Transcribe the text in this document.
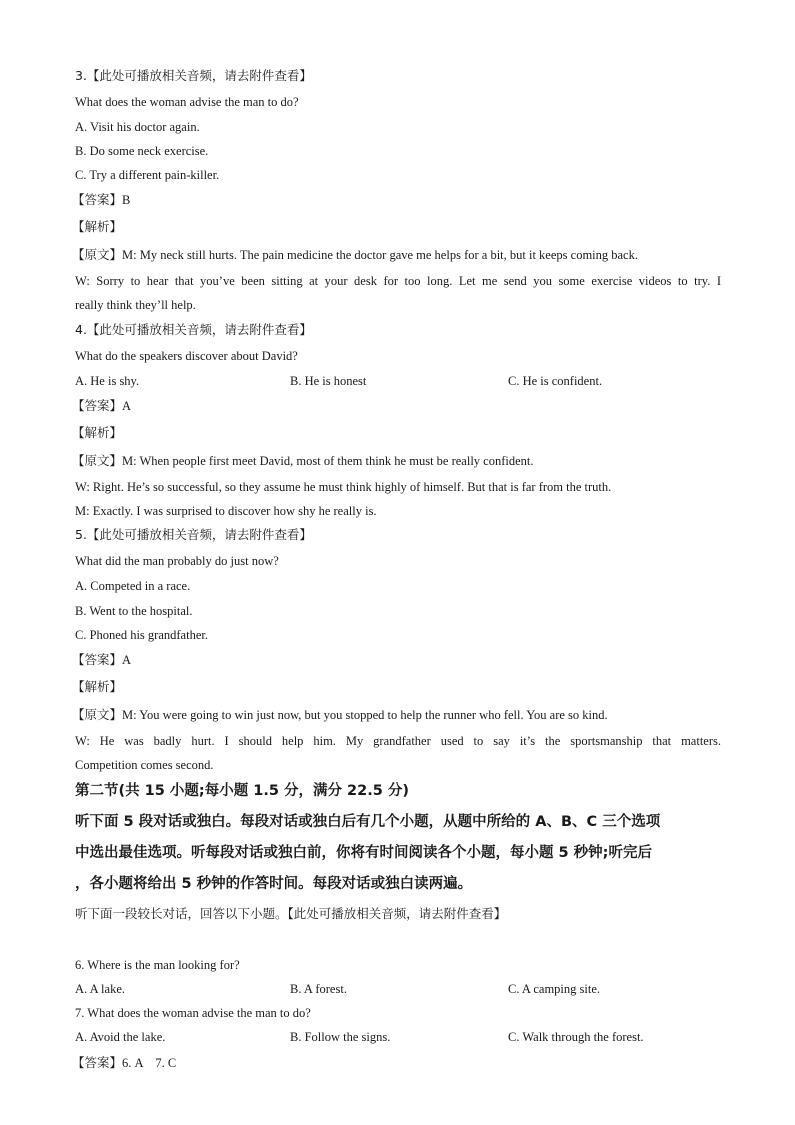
3.【此处可播放相关音频，请去附件查看】
What does the woman advise the man to do?
A. Visit his doctor again.
B. Do some neck exercise.
C. Try a different pain-killer.
【答案】B
【解析】
【原文】M: My neck still hurts. The pain medicine the doctor gave me helps for a bit, but it keeps coming back.
W: Sorry to hear that you’ve been sitting at your desk for too long. Let me send you some exercise videos to try. I
really think they’ll help.
4.【此处可播放相关音频，请去附件查看】
What do the speakers discover about David?
A. He is shy.	B. He is honest	C. He is confident.
【答案】A
【解析】
【原文】M: When people first meet David, most of them think he must be really confident.
W: Right. He’s so successful, so they assume he must think highly of himself. But that is far from the truth.
M: Exactly. I was surprised to discover how shy he really is.
5.【此处可播放相关音频，请去附件查看】
What did the man probably do just now?
A. Competed in a race.
B. Went to the hospital.
C. Phoned his grandfather.
【答案】A
【解析】
【原文】M: You were going to win just now, but you stopped to help the runner who fell. You are so kind.
W: He was badly hurt. I should help him. My grandfather used to say it’s the sportsmanship that matters.
Competition comes second.
第二节(共 15 小题;每小题 1.5 分，满分 22.5 分)
听下面 5 段对话或独白。每段对话或独白后有几个小题，从题中所给的 A、B、C 三个选项
中选出最佳选项。听每段对话或独白前，你将有时间阅读各个小题，每小题 5 秒钟;听完后
，各小题将给出 5 秒钟的作答时间。每段对话或独白读两遍。
听下面一段较长对话，回答以下小题。【此处可播放相关音频，请去附件查看】
6. Where is the man looking for?
A. A lake.	B. A forest.	C. A camping site.
7. What does the woman advise the man to do?
A. Avoid the lake.	B. Follow the signs.	C. Walk through the forest.
【答案】6. A    7. C
